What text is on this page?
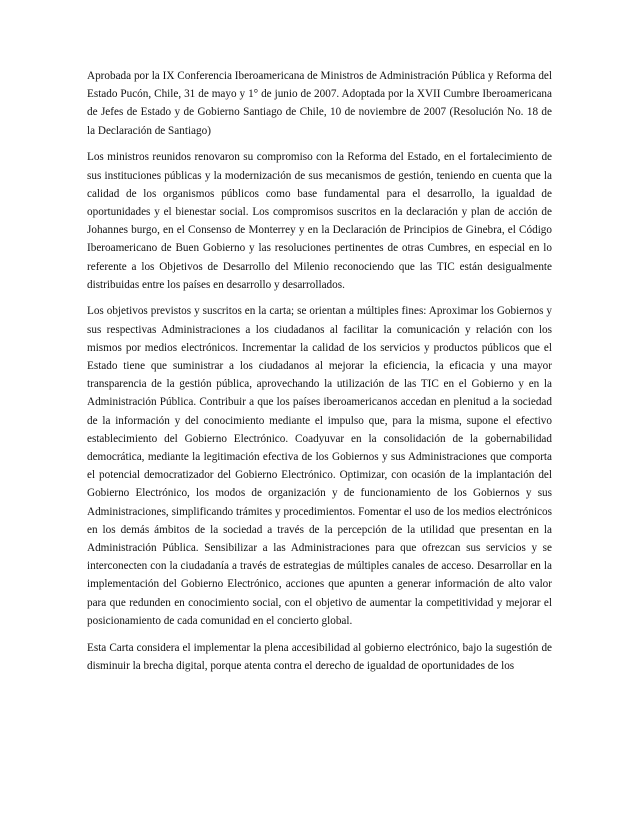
Aprobada por la IX Conferencia Iberoamericana de Ministros de Administración Pública y Reforma del Estado Pucón, Chile, 31 de mayo y 1° de junio de 2007. Adoptada por la XVII Cumbre Iberoamericana de Jefes de Estado y de Gobierno Santiago de Chile, 10 de noviembre de 2007 (Resolución No. 18 de la Declaración de Santiago)

Los ministros reunidos renovaron su compromiso con la Reforma del Estado, en el fortalecimiento de sus instituciones públicas y la modernización de sus mecanismos de gestión, teniendo en cuenta que la calidad de los organismos públicos como base fundamental para el desarrollo, la igualdad de oportunidades y el bienestar social. Los compromisos suscritos en la declaración y plan de acción de Johannes burgo, en el Consenso de Monterrey y en la Declaración de Principios de Ginebra, el Código Iberoamericano de Buen Gobierno y las resoluciones pertinentes de otras Cumbres, en especial en lo referente a los Objetivos de Desarrollo del Milenio reconociendo que las TIC están desigualmente distribuidas entre los países en desarrollo y desarrollados.

Los objetivos previstos y suscritos en la carta; se orientan a múltiples fines: Aproximar los Gobiernos y sus respectivas Administraciones a los ciudadanos al facilitar la comunicación y relación con los mismos por medios electrónicos. Incrementar la calidad de los servicios y productos públicos que el Estado tiene que suministrar a los ciudadanos al mejorar la eficiencia, la eficacia y una mayor transparencia de la gestión pública, aprovechando la utilización de las TIC en el Gobierno y en la Administración Pública. Contribuir a que los países iberoamericanos accedan en plenitud a la sociedad de la información y del conocimiento mediante el impulso que, para la misma, supone el efectivo establecimiento del Gobierno Electrónico. Coadyuvar en la consolidación de la gobernabilidad democrática, mediante la legitimación efectiva de los Gobiernos y sus Administraciones que comporta el potencial democratizador del Gobierno Electrónico. Optimizar, con ocasión de la implantación del Gobierno Electrónico, los modos de organización y de funcionamiento de los Gobiernos y sus Administraciones, simplificando trámites y procedimientos. Fomentar el uso de los medios electrónicos en los demás ámbitos de la sociedad a través de la percepción de la utilidad que presentan en la Administración Pública. Sensibilizar a las Administraciones para que ofrezcan sus servicios y se interconecten con la ciudadanía a través de estrategias de múltiples canales de acceso. Desarrollar en la implementación del Gobierno Electrónico, acciones que apunten a generar información de alto valor para que redunden en conocimiento social, con el objetivo de aumentar la competitividad y mejorar el posicionamiento de cada comunidad en el concierto global.

Esta Carta considera el implementar la plena accesibilidad al gobierno electrónico, bajo la sugestión de disminuir la brecha digital, porque atenta contra el derecho de igualdad de oportunidades de los
